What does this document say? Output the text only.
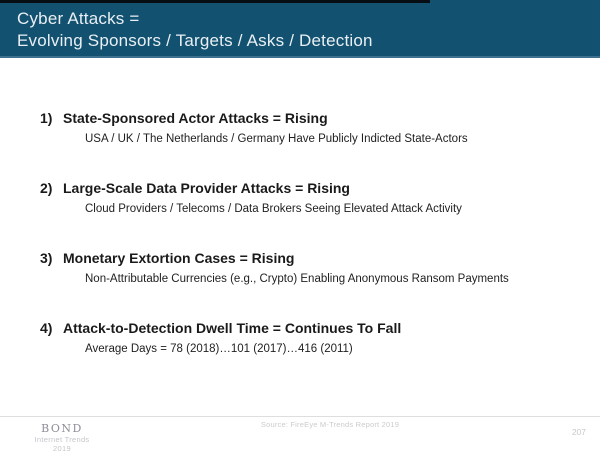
Cyber Attacks =
Evolving Sponsors / Targets / Asks / Detection
1) State-Sponsored Actor Attacks = Rising
USA / UK / The Netherlands / Germany Have Publicly Indicted State-Actors
2) Large-Scale Data Provider Attacks = Rising
Cloud Providers / Telecoms / Data Brokers Seeing Elevated Attack Activity
3) Monetary Extortion Cases = Rising
Non-Attributable Currencies (e.g., Crypto) Enabling Anonymous Ransom Payments
4) Attack-to-Detection Dwell Time = Continues To Fall
Average Days = 78 (2018)…101 (2017)…416 (2011)
BOND
Internet Trends
2019
Source: FireEye M-Trends Report 2019
207
